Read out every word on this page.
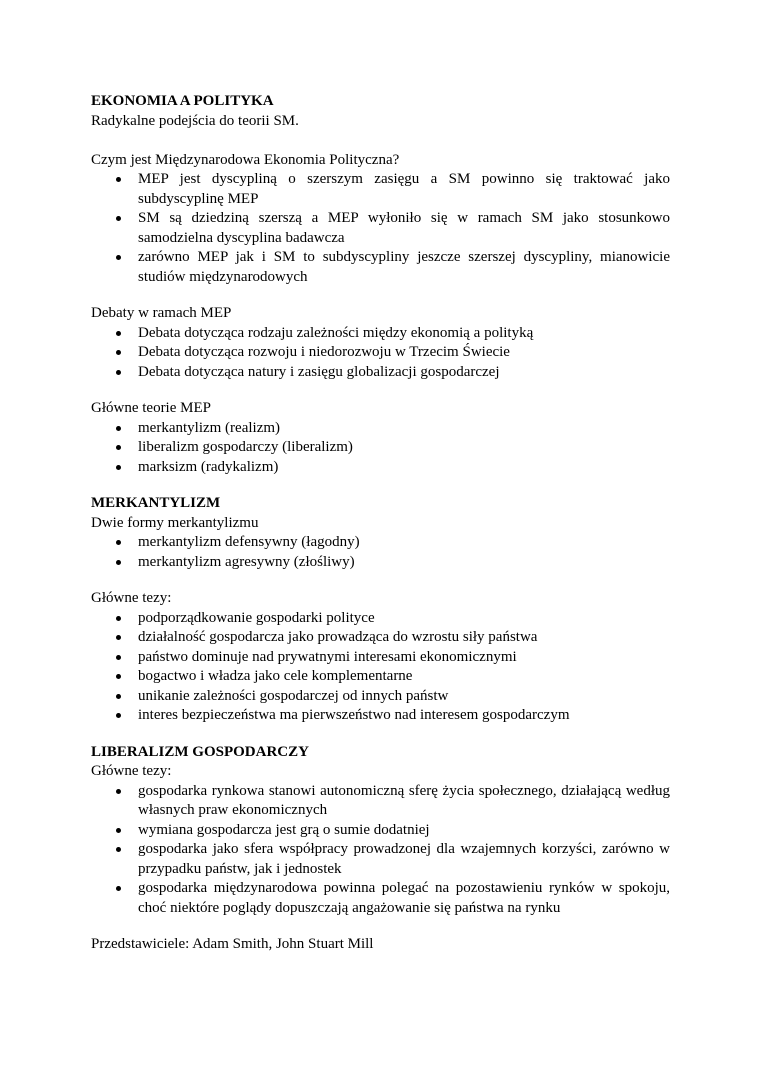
EKONOMIA A POLITYKA
Radykalne podejścia do teorii SM.
Czym jest Międzynarodowa Ekonomia Polityczna?
MEP jest dyscypliną o szerszym zasięgu a SM powinno się traktować jako subdyscyplinę MEP
SM są dziedziną szerszą a MEP wyłoniło się w ramach SM jako stosunkowo samodzielna dyscyplina badawcza
zarówno MEP jak i SM to subdyscypliny jeszcze szerszej dyscypliny, mianowicie studiów międzynarodowych
Debaty w ramach MEP
Debata dotycząca rodzaju zależności między ekonomią a polityką
Debata dotycząca rozwoju i niedorozwoju w Trzecim Świecie
Debata dotycząca natury i zasięgu globalizacji gospodarczej
Główne teorie MEP
merkantylizm (realizm)
liberalizm gospodarczy (liberalizm)
marksizm (radykalizm)
MERKANTYLIZM
Dwie formy merkantylizmu
merkantylizm defensywny (łagodny)
merkantylizm agresywny (złośliwy)
Główne tezy:
podporządkowanie gospodarki polityce
działalność gospodarcza jako prowadząca do wzrostu siły państwa
państwo dominuje nad prywatnymi interesami ekonomicznymi
bogactwo i władza jako cele komplementarne
unikanie zależności gospodarczej od innych państw
interes bezpieczeństwa ma pierwszeństwo nad interesem gospodarczym
LIBERALIZM GOSPODARCZY
Główne tezy:
gospodarka rynkowa stanowi autonomiczną sferę życia społecznego, działającą według własnych praw ekonomicznych
wymiana gospodarcza jest grą o sumie dodatniej
gospodarka jako sfera współpracy prowadzonej dla wzajemnych korzyści, zarówno w przypadku państw, jak i jednostek
gospodarka międzynarodowa powinna polegać na pozostawieniu rynków w spokoju, choć niektóre poglądy dopuszczają angażowanie się państwa na rynku
Przedstawiciele: Adam Smith, John Stuart Mill
